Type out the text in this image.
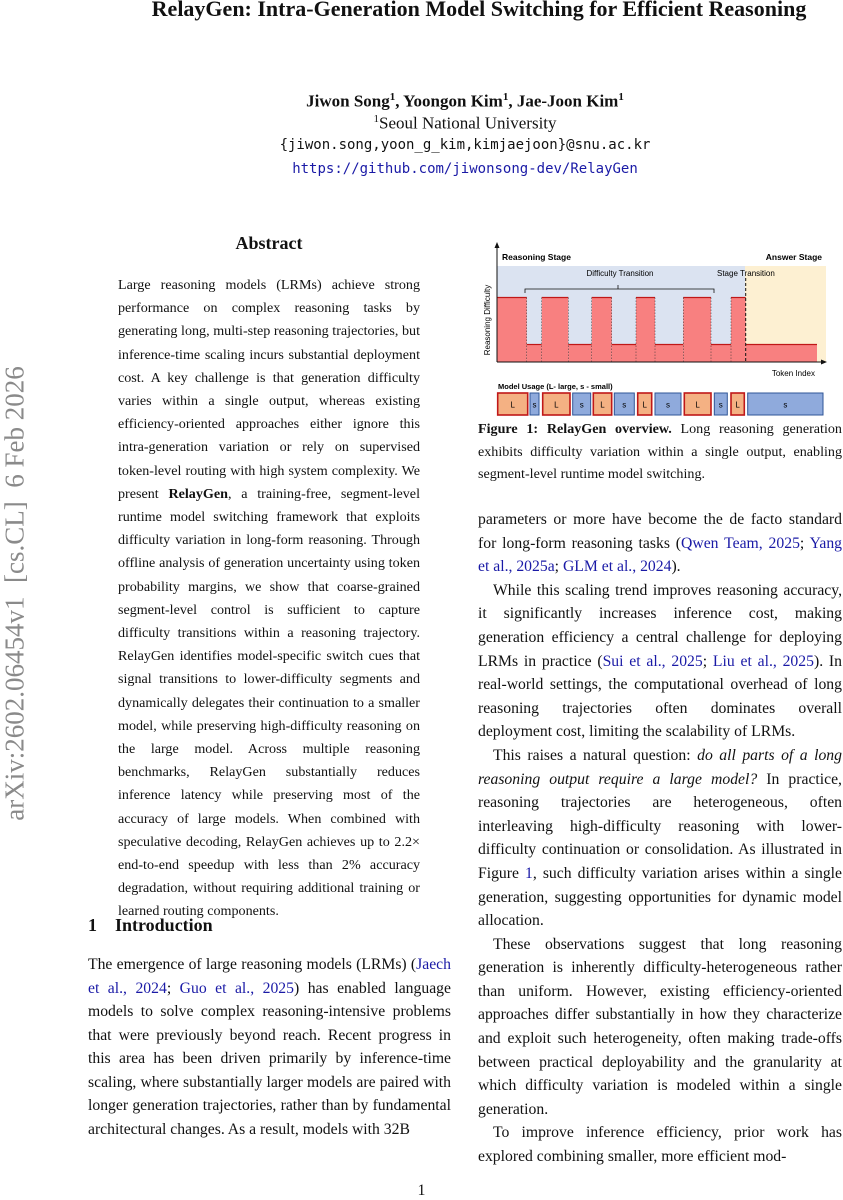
RelayGen: Intra-Generation Model Switching for Efficient Reasoning
Jiwon Song$^1$, Yoongon Kim$^1$, Jae-Joon Kim$^1$
$^1$Seoul National University
{jiwon.song,yoon_g_kim,kimjaejoon}@snu.ac.kr
https://github.com/jiwonsong-dev/RelayGen
arXiv:2602.06454v1  [cs.CL]  6 Feb 2026
Abstract
Large reasoning models (LRMs) achieve strong performance on complex reasoning tasks by generating long, multi-step reasoning trajectories, but inference-time scaling incurs substantial deployment cost. A key challenge is that generation difficulty varies within a single output, whereas existing efficiency-oriented approaches either ignore this intra-generation variation or rely on supervised token-level routing with high system complexity. We present RelayGen, a training-free, segment-level runtime model switching framework that exploits difficulty variation in long-form reasoning. Through offline analysis of generation uncertainty using token probability margins, we show that coarse-grained segment-level control is sufficient to capture difficulty transitions within a reasoning trajectory. RelayGen identifies model-specific switch cues that signal transitions to lower-difficulty segments and dynamically delegates their continuation to a smaller model, while preserving high-difficulty reasoning on the large model. Across multiple reasoning benchmarks, RelayGen substantially reduces inference latency while preserving most of the accuracy of large models. When combined with speculative decoding, RelayGen achieves up to 2.2× end-to-end speedup with less than 2% accuracy degradation, without requiring additional training or learned routing components.
1 Introduction

The emergence of large reasoning models (LRMs) (Jaech et al., 2024; Guo et al., 2025) has enabled language models to solve complex reasoning-intensive problems that were previously beyond reach. Recent progress in this area has been driven primarily by inference-time scaling, where substantially larger models are paired with longer generation trajectories, rather than by fundamental architectural changes. As a result, models with 32B

Reasoning Stage	Answer Stage
Difficulty Transition	Stage Transition
Reasoning Difficulty
Token Index
Model Usage (L- large, s - small)
L s L	s L s L s	L s L	s
Figure 1: RelayGen overview. Long reasoning generation exhibits difficulty variation within a single output, enabling segment-level runtime model switching.

parameters or more have become the de facto standard for long-form reasoning tasks (Qwen Team, 2025; Yang et al., 2025a; GLM et al., 2024).

While this scaling trend improves reasoning accuracy, it significantly increases inference cost, making generation efficiency a central challenge for deploying LRMs in practice (Sui et al., 2025; Liu et al., 2025). In real-world settings, the computational overhead of long reasoning trajectories often dominates overall deployment cost, limiting the scalability of LRMs.

This raises a natural question: do all parts of a long reasoning output require a large model? In practice, reasoning trajectories are heterogeneous, often interleaving high-difficulty reasoning with lower-difficulty continuation or consolidation. As illustrated in Figure 1, such difficulty variation arises within a single generation, suggesting opportunities for dynamic model allocation.

These observations suggest that long reasoning generation is inherently difficulty-heterogeneous rather than uniform. However, existing efficiency-oriented approaches differ substantially in how they characterize and exploit such heterogeneity, often making trade-offs between practical deployability and the granularity at which difficulty variation is modeled within a single generation.

To improve inference efficiency, prior work has explored combining smaller, more efficient mod-

1
